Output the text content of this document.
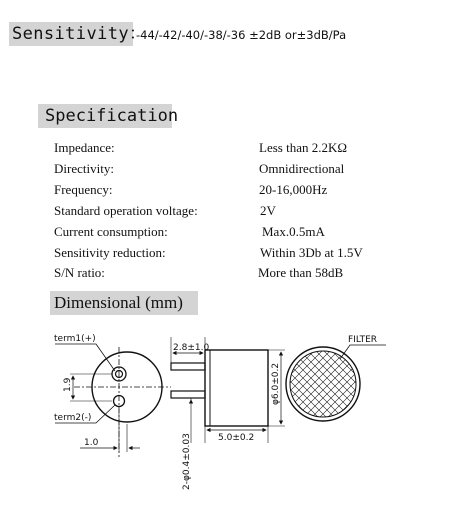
Sensitivity：
-44/-42/-40/-38/-36 ±2dB or±3dB/Pa
Specification
Impedance:	Less than 2.2KΩ
Directivity:	Omnidirectional
Frequency:	20-16,000Hz
Standard operation voltage:	2V
Current consumption:	Max.0.5mA
Sensitivity reduction:	Within 3Db at 1.5V
S/N ratio:	More than 58dB
Dimensional (mm)
term1(+)
term2(-)
1.9
1.0
2.8±1.0
φ6.0±0.2
5.0±0.2
2-φ0.4±0.03
FILTER
